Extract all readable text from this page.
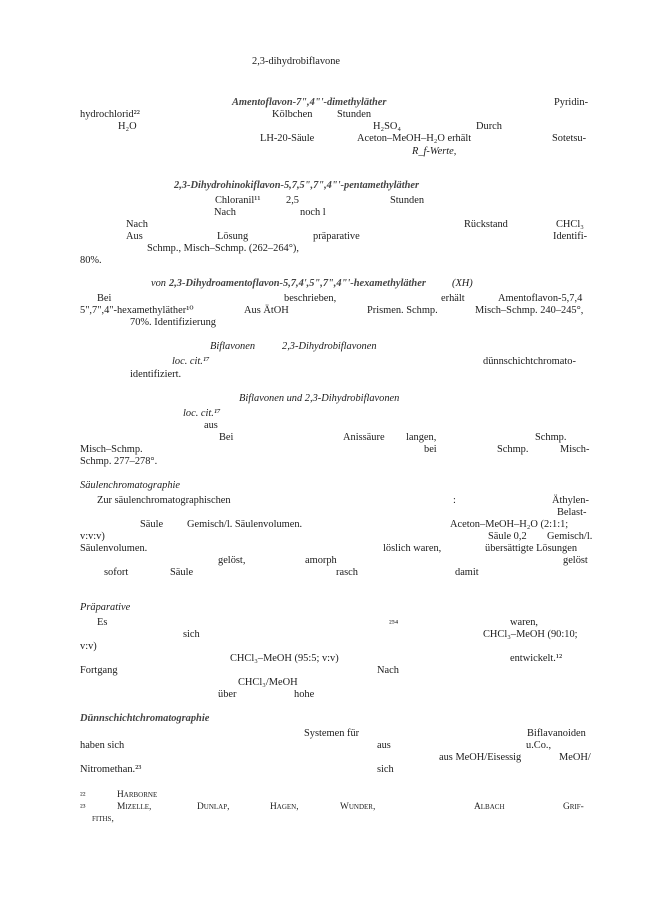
2,3-dihydrobiflavone
Amentoflavon-7",4"'-dimethyläther	Pyridin-
hydrochlorid²²	Kölbchen Stunden
H₂O	H₂SO₄	Durch
LH-20-Säule	Aceton–MeOH–H₂O erhält	Sotetsu-
R_f-Werte,
2,3-Dihydrohinokiflavon-5,7,5",7",4"'-pentamethyläther
Chloranil¹¹ 2,5	Stunden
Nach	noch l
Nach	Rückstand	CHCl₃
Aus	Lösung	präparative	Identifi-
Schmp., Misch–Schmp. (262–264°),
80%.
von 2,3-Dihydroamentoflavon-5,7,4',5",7",4"'-hexamethyläther	(XH)
Bei	beschrieben,	erhält	Amentoflavon-5,7,4
5",7",4"-hexamethyläther¹⁰	Aus ÄtOH	Prismen. Schmp.	Misch–Schmp. 240–245°,
70%. Identifizierung
Biflavonen	2,3-Dihydrobiflavonen
loc. cit.¹⁷	dünnschichtchromato-
identifiziert.
Biflavonen und 2,3-Dihydrobiflavonen
loc. cit.¹⁷
aus
Bei	Anissäure langen,	Schmp.
Misch–Schmp.	bei	Schmp.	Misch-
Schmp. 277–278°.
Säulenchromatographie
Zur säulenchromatographischen	:	Äthylen-
Belast-
Säule Gemisch/l. Säulenvolumen.	Aceton–MeOH–H₂O (2:1:1;
v:v:v)	Säule 0,2 Gemisch/l.
Säulenvolumen.	löslich waren,	übersättigte Lösungen
gelöst,	amorph	gelöst
sofort	Säule	rasch	damit
Präparative
Es	²⁵⁴	waren,
sich	CHCl₃–MeOH (90:10;
v:v)
CHCl₃–MeOH (95:5; v:v)	entwickelt.¹²
Fortgang	Nach
CHCl₃/MeOH
über	hohe
Dünnschichtchromatographie
Systemen für	Biflavanoiden
haben sich	aus	u.Co.,
aus MeOH/Eisessig	MeOH/
Nitromethan.²³	sich
²²	Harborne
²³	Mizelle,	Dunlap,	Hagen,	Wunder,	Albach	Grif-
fiths,
